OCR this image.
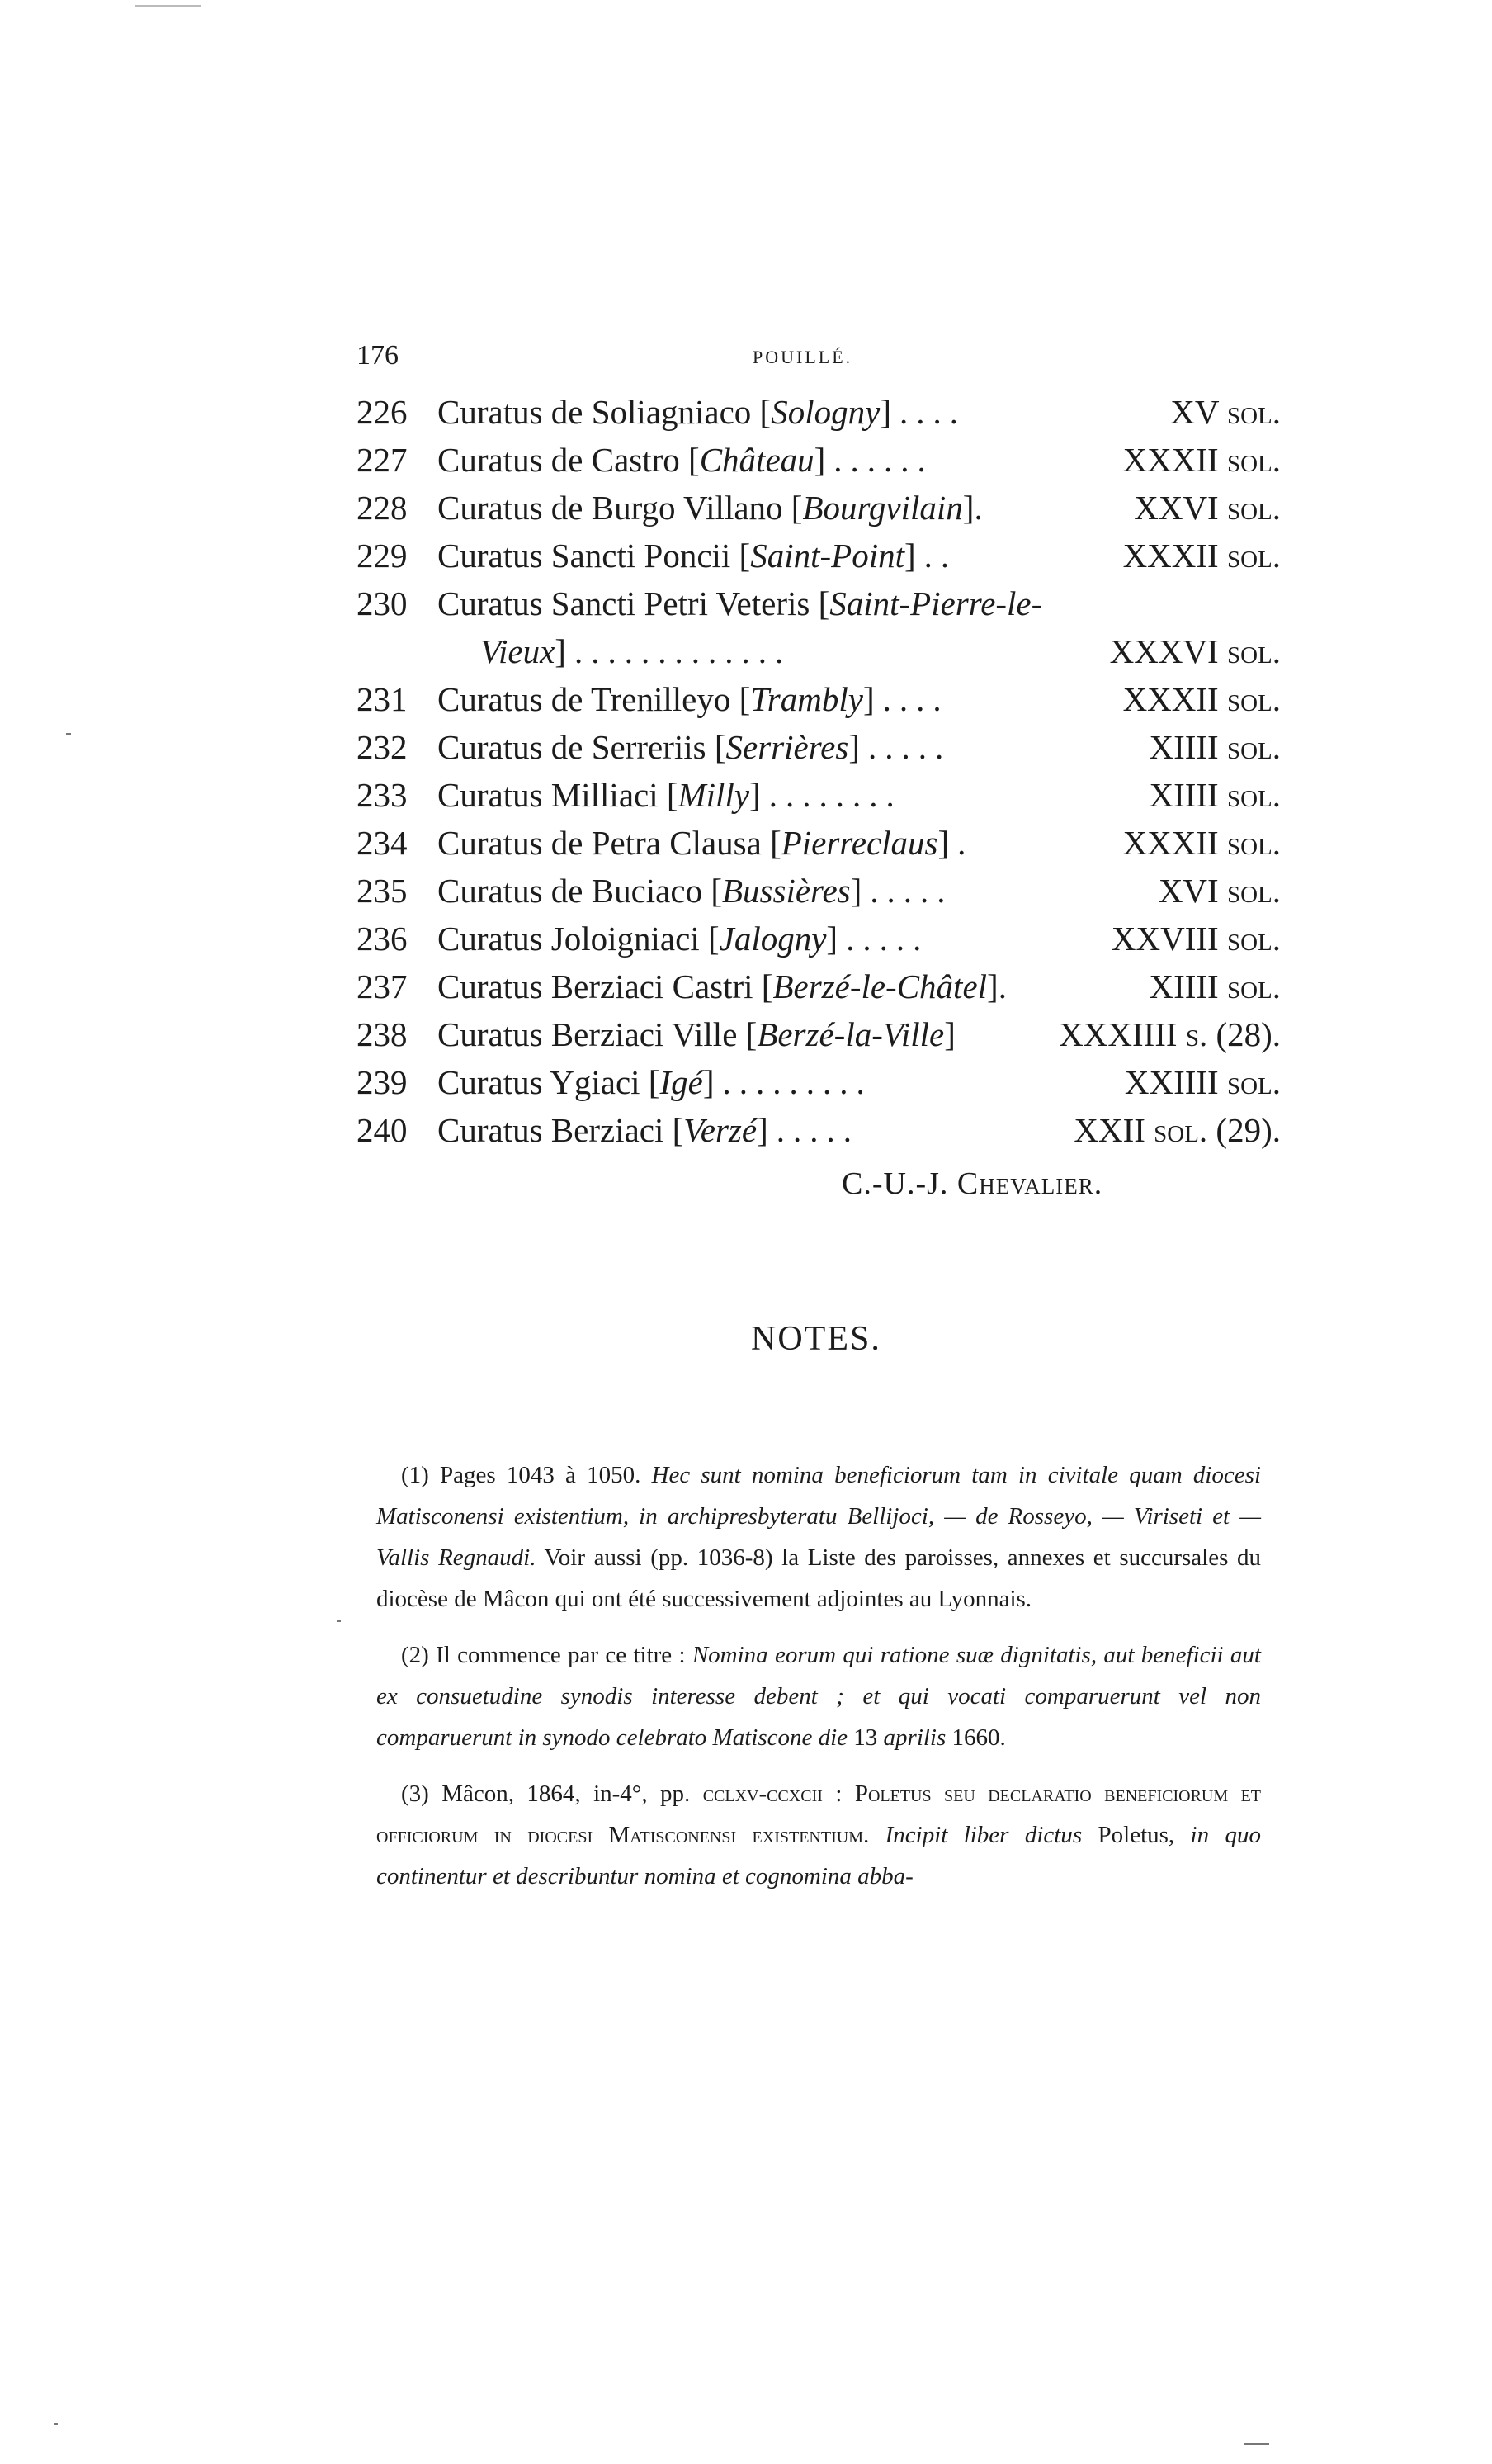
176	POUILLÉ.
226 Curatus de Soliagniaco [Sologny]	XV sol.
....
227 Curatus de Castro [Château]	XXXII sol.
......
228 Curatus de Burgo Villano [Bourgvilain].	XXVI sol.
229 Curatus Sancti Poncii [Saint-Point]	XXXII sol.
..
230 Curatus Sancti Petri Veteris [Saint-Pierre-le-
Vieux]	XXXVI sol.
.............
231 Curatus de Trenilleyo [Trambly]	XXXII sol.
....
232 Curatus de Serreriis [Serrières]	XIIII sol.
.....
233 Curatus Milliaci [Milly]	XIIII sol.
........
234 Curatus de Petra Clausa [Pierreclaus]	XXXII sol.
.
235 Curatus de Buciaco [Bussières]	XVI sol.
.....
236 Curatus Joloigniaci [Jalogny]	XXVIII sol.
.....
237 Curatus Berziaci Castri [Berzé-le-Châtel].	XIIII sol.
238 Curatus Berziaci Ville [Berzé-la-Ville]	XXXIIII s. (28).
239 Curatus Ygiaci [Igé]	XXIIII sol.
.........
240 Curatus Berziaci [Verzé]	XXII sol. (29).
.....
C.-U.-J. Chevalier.
NOTES.

(1) Pages 1043 à 1050. Hec sunt nomina beneficiorum tam in civitale quam diocesi Matisconensi existentium, in archipresbyteratu Bellijoci, — de Rosseyo, — Viriseti et — Vallis Regnaudi. Voir aussi (pp. 1036-8) la Liste des paroisses, annexes et succursales du diocèse de Mâcon qui ont été successivement adjointes au Lyonnais.

(2) Il commence par ce titre : Nomina eorum qui ratione suæ dignitatis, aut beneficii aut ex consuetudine synodis interesse debent ; et qui vocati comparuerunt vel non comparuerunt in synodo celebrato Matiscone die 13 aprilis 1660.

(3) Mâcon, 1864, in-4°, pp. cclxv-ccxcii : Poletus seu declaratio beneficiorum et officiorum in diocesi Matisconensi existentium. Incipit liber dictus Poletus, in quo continentur et describuntur nomina et cognomina abba-
